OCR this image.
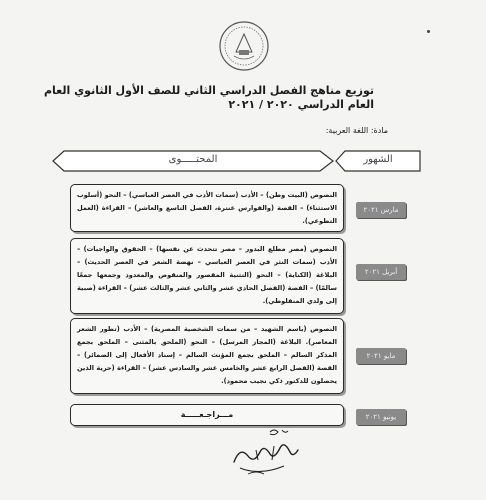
توزيع مناهج الفصل الدراسي الثاني للصف الأول الثانوي العام
العام الدراسي ٢٠٢٠ / ٢٠٢١
مادة: اللغة العربية:
الشهور
المحتـــــوى
مارس ٢٠٢١
النصوص (البيت وطن) – الأدب (سمات الأدب في العصر العباسي) – النحو (أسلوب الاستثناء) – القصة (والفوارس عنترة، الفصل التاسع والعاشر) – القراءة (العمل التطوعي).
أبريل ٢٠٢١
النصوص (مصر مطلع البدور – مصر تتحدث عن نفسها) – الحقوق والواجبات) – الأدب (سمات النثر في العصر العباسي – نهضة الشعر في العصر الحديث) – البلاغة (الكناية) – النحو (التثنية المقصور والمنقوص والمعدود وجمعها جمعًا سالمًا) – القصة (الفصل الحادي عشر والثاني عشر والثالث عشر) – القراءة (صبية إلى ولدي المنفلوطي).
مايو ٢٠٢١
النصوص (باسم الشهيد – من سمات الشخصية المصرية) – الأدب (تطور الشعر المعاصر). البلاغة (المجاز المرسل) – النحو (الملحق بالمثنى – الملحق بجمع المذكر السالم – الملحق بجمع المؤنث السالم – إسناد الأفعال إلى الضمائر) – القصة (الفصل الرابع عشر والخامس عشر والسادس عشر) – القراءة (حرية الذين يحصلون للدكتور ذكي نجيب محمود).
يونيو ٢٠٢١
مـــراجـعـــــة
